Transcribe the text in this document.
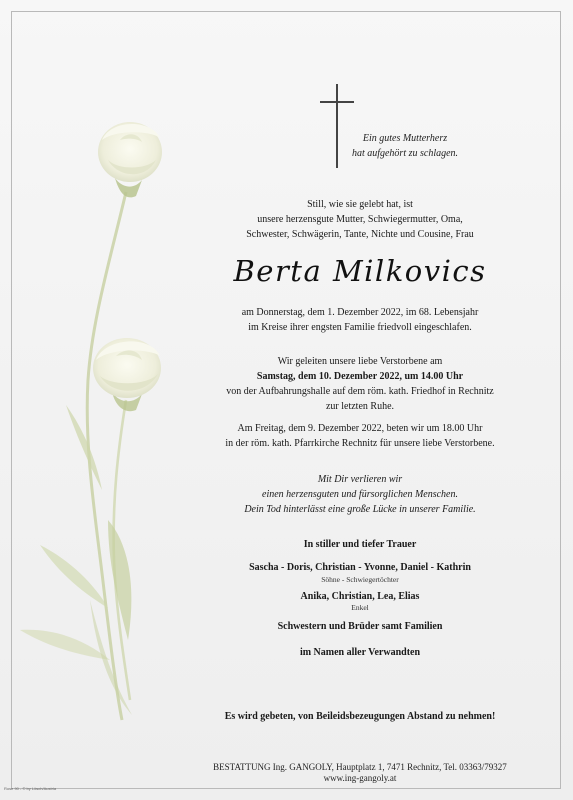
Ein gutes Mutterherz
hat aufgehört zu schlagen.
Still, wie sie gelebt hat, ist
unsere herzensgute Mutter, Schwiegermutter, Oma,
Schwester, Schwägerin, Tante, Nichte und Cousine, Frau
Berta Milkovics
am Donnerstag, dem 1. Dezember 2022, im 68. Lebensjahr
im Kreise ihrer engsten Familie friedvoll eingeschlafen.
Wir geleiten unsere liebe Verstorbene am
Samstag, dem 10. Dezember 2022, um 14.00 Uhr
von der Aufbahrungshalle auf dem röm. kath. Friedhof in Rechnitz
zur letzten Ruhe.
Am Freitag, dem 9. Dezember 2022, beten wir um 18.00 Uhr
in der röm. kath. Pfarrkirche Rechnitz für unsere liebe Verstorbene.
Mit Dir verlieren wir
einen herzensguten und fürsorglichen Menschen.
Dein Tod hinterlässt eine große Lücke in unserer Familie.
In stiller und tiefer Trauer
Sascha - Doris, Christian - Yvonne, Daniel - Kathrin
Söhne - Schwiegertöchter
Anika, Christian, Lea, Elias
Enkel
Schwestern und Brüder samt Familien
im Namen aller Verwandten
Es wird gebeten, von Beileidsbezeugungen Abstand zu nehmen!
BESTATTUNG Ing. GANGOLY, Hauptplatz 1, 7471 Rechnitz, Tel. 03363/79327
www.ing-gangoly.at
Rose 90 - © by Lösch/Austria
